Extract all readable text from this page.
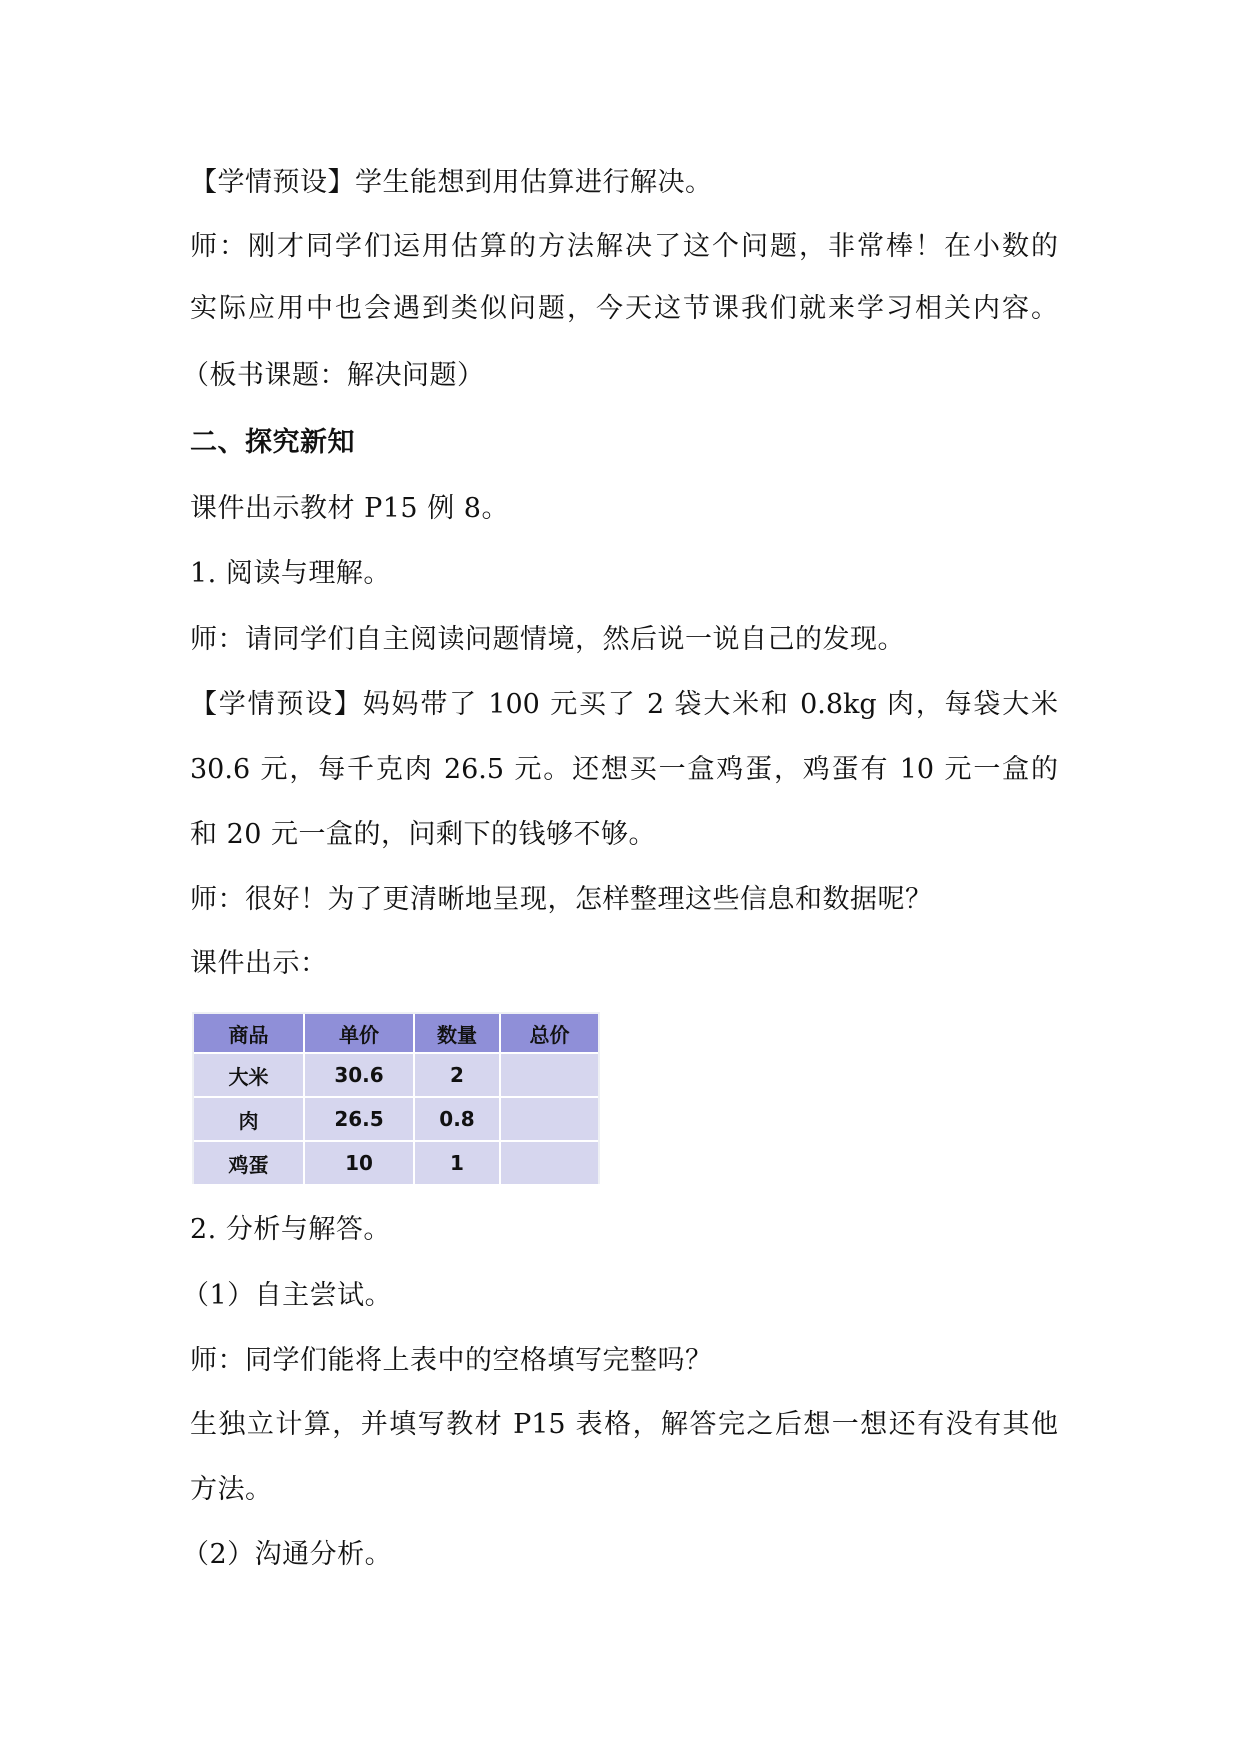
【学情预设】学生能想到用估算进行解决。
师：刚才同学们运用估算的方法解决了这个问题，非常棒！在小数的
实际应用中也会遇到类似问题，今天这节课我们就来学习相关内容。
（板书课题：解决问题）
二、探究新知
课件出示教材 P15 例 8。
1. 阅读与理解。
师：请同学们自主阅读问题情境，然后说一说自己的发现。
【学情预设】妈妈带了 100 元买了 2 袋大米和 0.8kg 肉，每袋大米
30.6 元，每千克肉 26.5 元。还想买一盒鸡蛋，鸡蛋有 10 元一盒的
和 20 元一盒的，问剩下的钱够不够。
师：很好！为了更清晰地呈现，怎样整理这些信息和数据呢？
课件出示：
商品	单价	数量	总价
大米	30.6	2	
肉	26.5	0.8	
鸡蛋	10	1	
2. 分析与解答。
（1）自主尝试。
师：同学们能将上表中的空格填写完整吗？
生独立计算，并填写教材 P15 表格，解答完之后想一想还有没有其他
方法。
（2）沟通分析。
